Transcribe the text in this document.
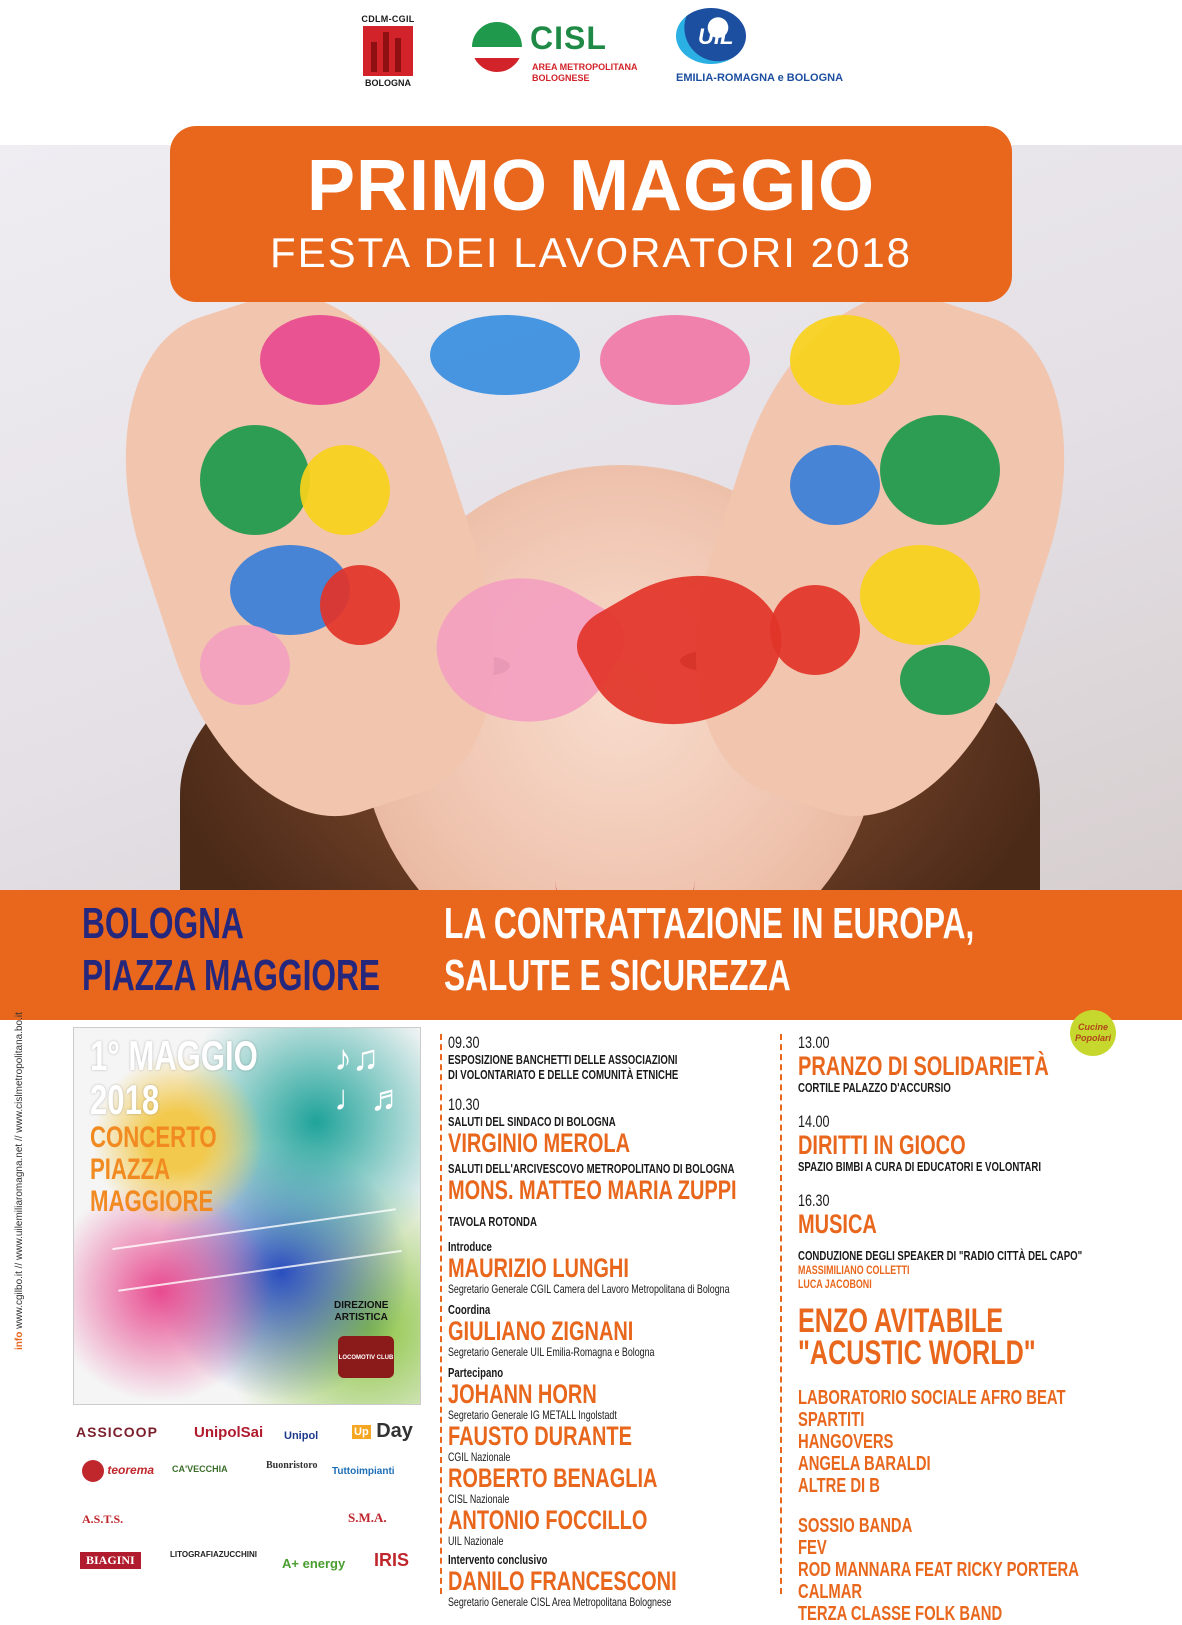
CDLM-CGIL
BOLOGNA
CISL
AREA METROPOLITANA
BOLOGNESE
UIL
EMILIA-ROMAGNA e BOLOGNA
PRIMO MAGGIO
FESTA DEI LAVORATORI 2018
BOLOGNA
PIAZZA MAGGIORE
LA CONTRATTAZIONE IN EUROPA,
SALUTE E SICUREZZA
info www.cgilbo.it // www.uilemiliaromagna.net // www.cislmetropolitana.bo.it 1° MAGGIO
2018
CONCERTO
PIAZZA
MAGGIORE
♪♫
♩♬
DIREZIONE
ARTISTICA
LOCOMOTIV CLUB
ASSICOOP UnipolSai Unipol	Up Day
teorema CA'VECCHIA	Buonristoro
Tuttoimpianti
A.S.T.S.	S.M.A.
LITOGRAFIAZUCCHINI
BIAGINI	A+ energy IRIS
09.30
ESPOSIZIONE BANCHETTI DELLE ASSOCIAZIONI
DI VOLONTARIATO E DELLE COMUNITÀ ETNICHE
10.30
SALUTI DEL SINDACO DI BOLOGNA
VIRGINIO MEROLA
SALUTI DELL'ARCIVESCOVO METROPOLITANO DI BOLOGNA
MONS. MATTEO MARIA ZUPPI
TAVOLA ROTONDA
Introduce
MAURIZIO LUNGHI
Segretario Generale CGIL Camera del Lavoro Metropolitana di Bologna
Coordina
GIULIANO ZIGNANI
Segretario Generale UIL Emilia-Romagna e Bologna
Partecipano
JOHANN HORN
Segretario Generale IG METALL Ingolstadt
FAUSTO DURANTE
CGIL Nazionale
ROBERTO BENAGLIA
CISL Nazionale
ANTONIO FOCCILLO
UIL Nazionale
Intervento conclusivo
DANILO FRANCESCONI
Segretario Generale CISL Area Metropolitana Bolognese
13.00
PRANZO DI SOLIDARIETÀ
CORTILE PALAZZO D'ACCURSIO
14.00
DIRITTI IN GIOCO
SPAZIO BIMBI A CURA DI EDUCATORI E VOLONTARI
16.30
MUSICA
CONDUZIONE DEGLI SPEAKER DI "RADIO CITTÀ DEL CAPO"
MASSIMILIANO COLLETTI
LUCA JACOBONI
ENZO AVITABILE
"ACUSTIC WORLD"
LABORATORIO SOCIALE AFRO BEAT
SPARTITI
HANGOVERS
ANGELA BARALDI
ALTRE DI B
SOSSIO BANDA
FEV
ROD MANNARA FEAT RICKY PORTERA
CALMAR
TERZA CLASSE FOLK BAND
Cucine Popolari
